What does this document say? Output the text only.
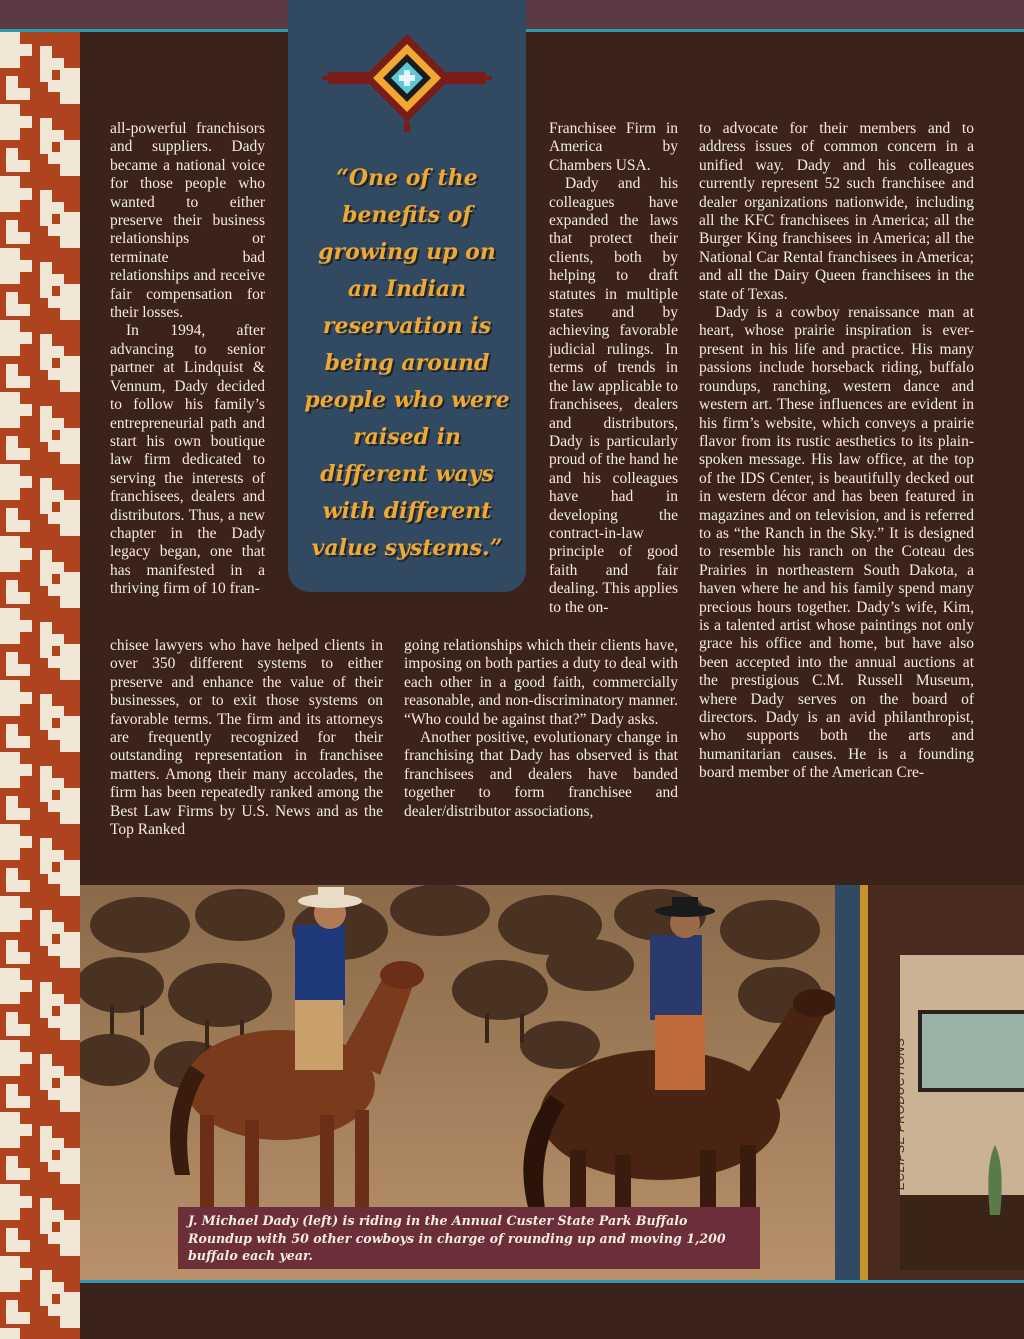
“One of the benefits of growing up on an Indian reservation is being around people who were raised in different ways with different value systems.”

all-powerful franchisors and suppliers. Dady became a national voice for those people who wanted to either preserve their business relationships or terminate bad relationships and receive fair compensation for their losses.

In 1994, after advancing to senior partner at Lindquist & Vennum, Dady decided to follow his family’s entrepreneurial path and start his own boutique law firm dedicated to serving the interests of franchisees, dealers and distributors. Thus, a new chapter in the Dady legacy began, one that has manifested in a thriving firm of 10 fran-

chisee lawyers who have helped clients in over 350 different systems to either preserve and enhance the value of their businesses, or to exit those systems on favorable terms. The firm and its attorneys are frequently recognized for their outstanding representation in franchisee matters. Among their many accolades, the firm has been repeatedly ranked among the Best Law Firms by U.S. News and as the Top Ranked

Franchisee Firm in America by Chambers USA.

Dady and his colleagues have expanded the laws that protect their clients, both by helping to draft statutes in multiple states and by achieving favorable judicial rulings. In terms of trends in the law applicable to franchisees, dealers and distributors, Dady is particularly proud of the hand he and his colleagues have had in developing the contract-in-law principle of good faith and fair dealing. This applies to the on-

going relationships which their clients have, imposing on both parties a duty to deal with each other in a good faith, commercially reasonable, and non-discriminatory manner. “Who could be against that?” Dady asks.

Another positive, evolutionary change in franchising that Dady has observed is that franchisees and dealers have banded together to form franchisee and dealer/distributor associations,

to advocate for their members and to address issues of common concern in a unified way. Dady and his colleagues currently represent 52 such franchisee and dealer organizations nationwide, including all the KFC franchisees in America; all the Burger King franchisees in America; all the National Car Rental franchisees in America; and all the Dairy Queen franchisees in the state of Texas.

Dady is a cowboy renaissance man at heart, whose prairie inspiration is ever-present in his life and practice. His many passions include horseback riding, buffalo roundups, ranching, western dance and western art. These influences are evident in his firm’s website, which conveys a prairie flavor from its rustic aesthetics to its plain-spoken message. His law office, at the top of the IDS Center, is beautifully decked out in western décor and has been featured in magazines and on television, and is referred to as “the Ranch in the Sky.” It is designed to resemble his ranch on the Coteau des Prairies in northeastern South Dakota, a haven where he and his family spend many precious hours together. Dady’s wife, Kim, is a talented artist whose paintings not only grace his office and home, but have also been accepted into the annual auctions at the prestigious C.M. Russell Museum, where Dady serves on the board of directors. Dady is an avid philanthropist, who supports both the arts and humanitarian causes. He is a founding board member of the American Cre-

J. Michael Dady (left) is riding in the Annual Custer State Park Buffalo Roundup with 50 other cowboys in charge of rounding up and moving 1,200 buffalo each year.
ECLIPSE PRODUCTIONS
